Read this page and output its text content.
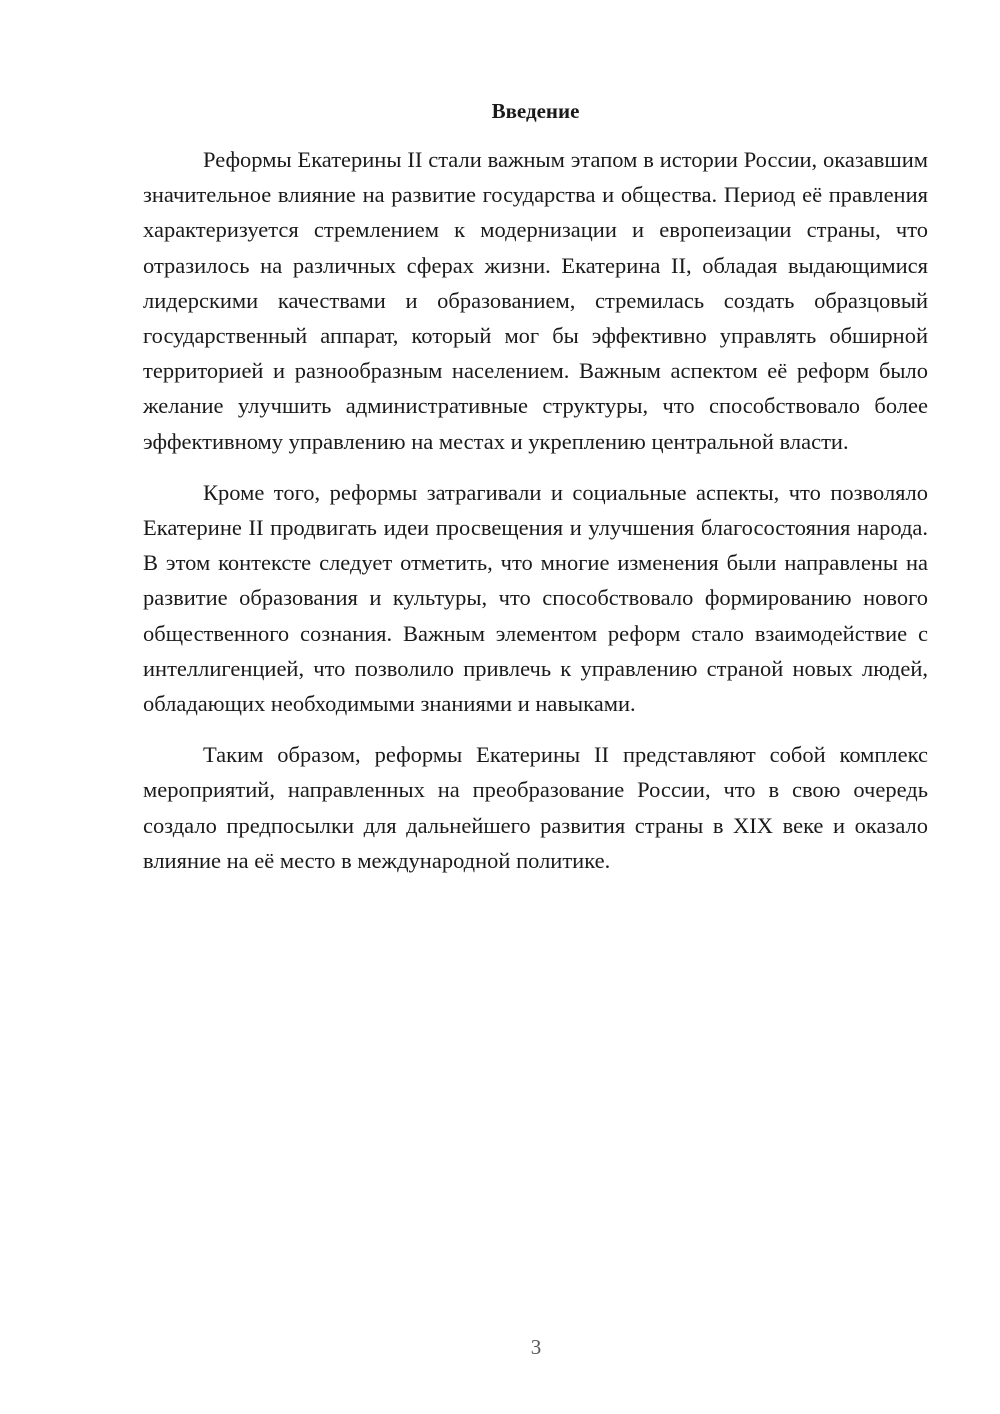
Введение

Реформы Екатерины II стали важным этапом в истории России, оказавшим значительное влияние на развитие государства и общества. Период её правления характеризуется стремлением к модернизации и европеизации страны, что отразилось на различных сферах жизни. Екатерина II, обладая выдающимися лидерскими качествами и образованием, стремилась создать образцовый государственный аппарат, который мог бы эффективно управлять обширной территорией и разнообразным населением. Важным аспектом её реформ было желание улучшить административные структуры, что способствовало более эффективному управлению на местах и укреплению центральной власти.

Кроме того, реформы затрагивали и социальные аспекты, что позволяло Екатерине II продвигать идеи просвещения и улучшения благосостояния народа. В этом контексте следует отметить, что многие изменения были направлены на развитие образования и культуры, что способствовало формированию нового общественного сознания. Важным элементом реформ стало взаимодействие с интеллигенцией, что позволило привлечь к управлению страной новых людей, обладающих необходимыми знаниями и навыками.

Таким образом, реформы Екатерины II представляют собой комплекс мероприятий, направленных на преобразование России, что в свою очередь создало предпосылки для дальнейшего развития страны в XIX веке и оказало влияние на её место в международной политике.

3
